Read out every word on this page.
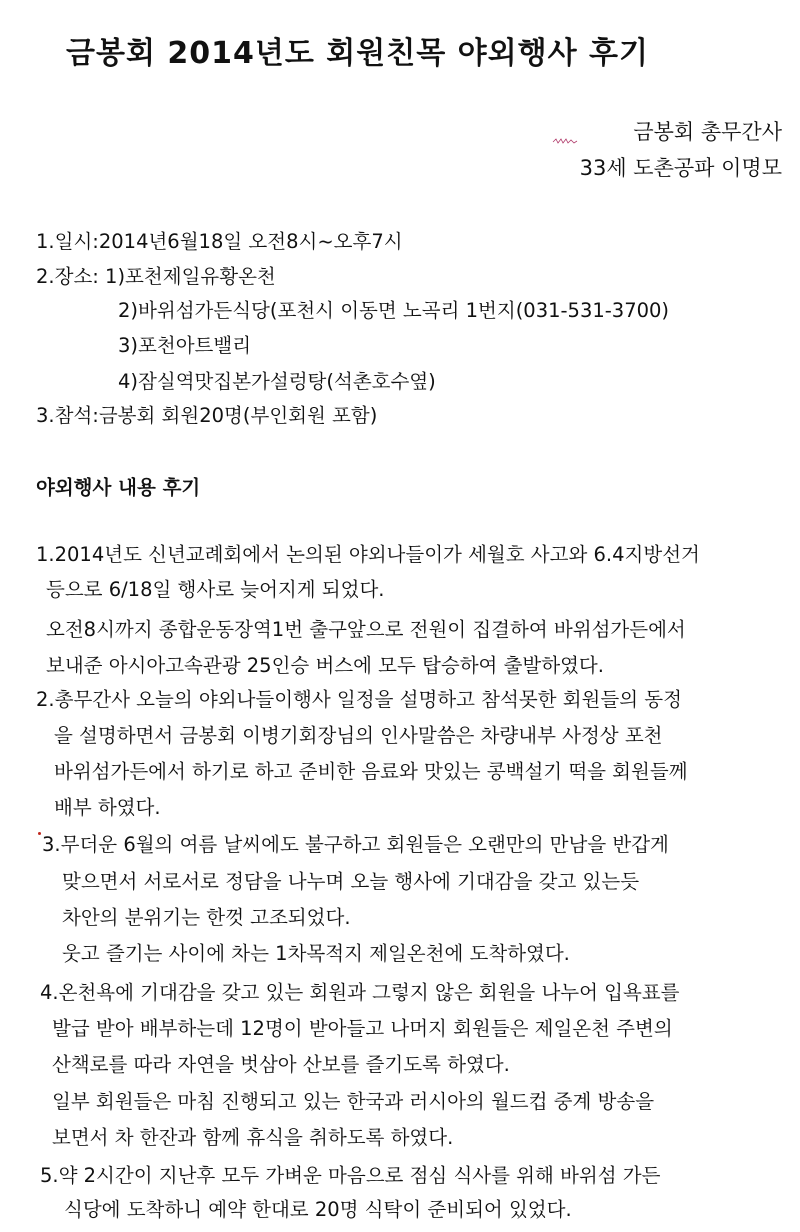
금봉회 2014년도 회원친목 야외행사 후기
금봉회 총무간사
33세 도촌공파 이명모
1.일시:2014년6월18일 오전8시~오후7시
2.장소: 1)포천제일유황온천
2)바위섬가든식당(포천시 이동면 노곡리 1번지(031-531-3700)
3)포천아트밸리
4)잠실역맛집본가설렁탕(석촌호수옆)
3.참석:금봉회 회원20명(부인회원 포함)
야외행사 내용 후기
1.2014년도 신년교례회에서 논의된 야외나들이가 세월호 사고와 6.4지방선거
등으로 6/18일 행사로 늦어지게 되었다.
오전8시까지 종합운동장역1번 출구앞으로 전원이 집결하여 바위섬가든에서
보내준 아시아고속관광 25인승 버스에 모두 탑승하여 출발하였다.
2.총무간사 오늘의 야외나들이행사 일정을 설명하고 참석못한 회원들의 동정
을 설명하면서 금봉회 이병기회장님의 인사말씀은 차량내부 사정상 포천
바위섬가든에서 하기로 하고 준비한 음료와 맛있는 콩백설기 떡을 회원들께
배부 하였다.
3.무더운 6월의 여름 날씨에도 불구하고 회원들은 오랜만의 만남을 반갑게
맞으면서 서로서로 정담을 나누며 오늘 행사에 기대감을 갖고 있는듯
차안의 분위기는 한껏 고조되었다.
웃고 즐기는 사이에 차는 1차목적지 제일온천에 도착하였다.
4.온천욕에 기대감을 갖고 있는 회원과 그렇지 않은 회원을 나누어 입욕표를
발급 받아 배부하는데 12명이 받아들고 나머지 회원들은 제일온천 주변의
산책로를 따라 자연을 벗삼아 산보를 즐기도록 하였다.
일부 회원들은 마침 진행되고 있는 한국과 러시아의 월드컵 중계 방송을
보면서 차 한잔과 함께 휴식을 취하도록 하였다.
5.약 2시간이 지난후 모두 가벼운 마음으로 점심 식사를 위해 바위섬 가든
식당에 도착하니 예약 한대로 20명 식탁이 준비되어 있었다.
